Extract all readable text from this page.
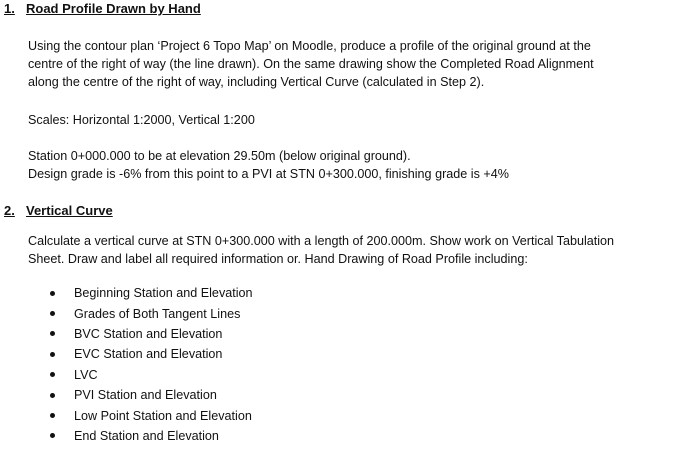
1. Road Profile Drawn by Hand

Using the contour plan ‘Project 6 Topo Map’ on Moodle, produce a profile of the original ground at the
centre of the right of way (the line drawn). On the same drawing show the Completed Road Alignment
along the centre of the right of way, including Vertical Curve (calculated in Step 2).

Scales: Horizontal 1:2000, Vertical 1:200

Station 0+000.000 to be at elevation 29.50m (below original ground).
Design grade is -6% from this point to a PVI at STN 0+300.000, finishing grade is +4%

2. Vertical Curve

Calculate a vertical curve at STN 0+300.000 with a length of 200.000m. Show work on Vertical Tabulation
Sheet. Draw and label all required information or. Hand Drawing of Road Profile including:

Beginning Station and Elevation
Grades of Both Tangent Lines
BVC Station and Elevation
EVC Station and Elevation
LVC
PVI Station and Elevation
Low Point Station and Elevation
End Station and Elevation
